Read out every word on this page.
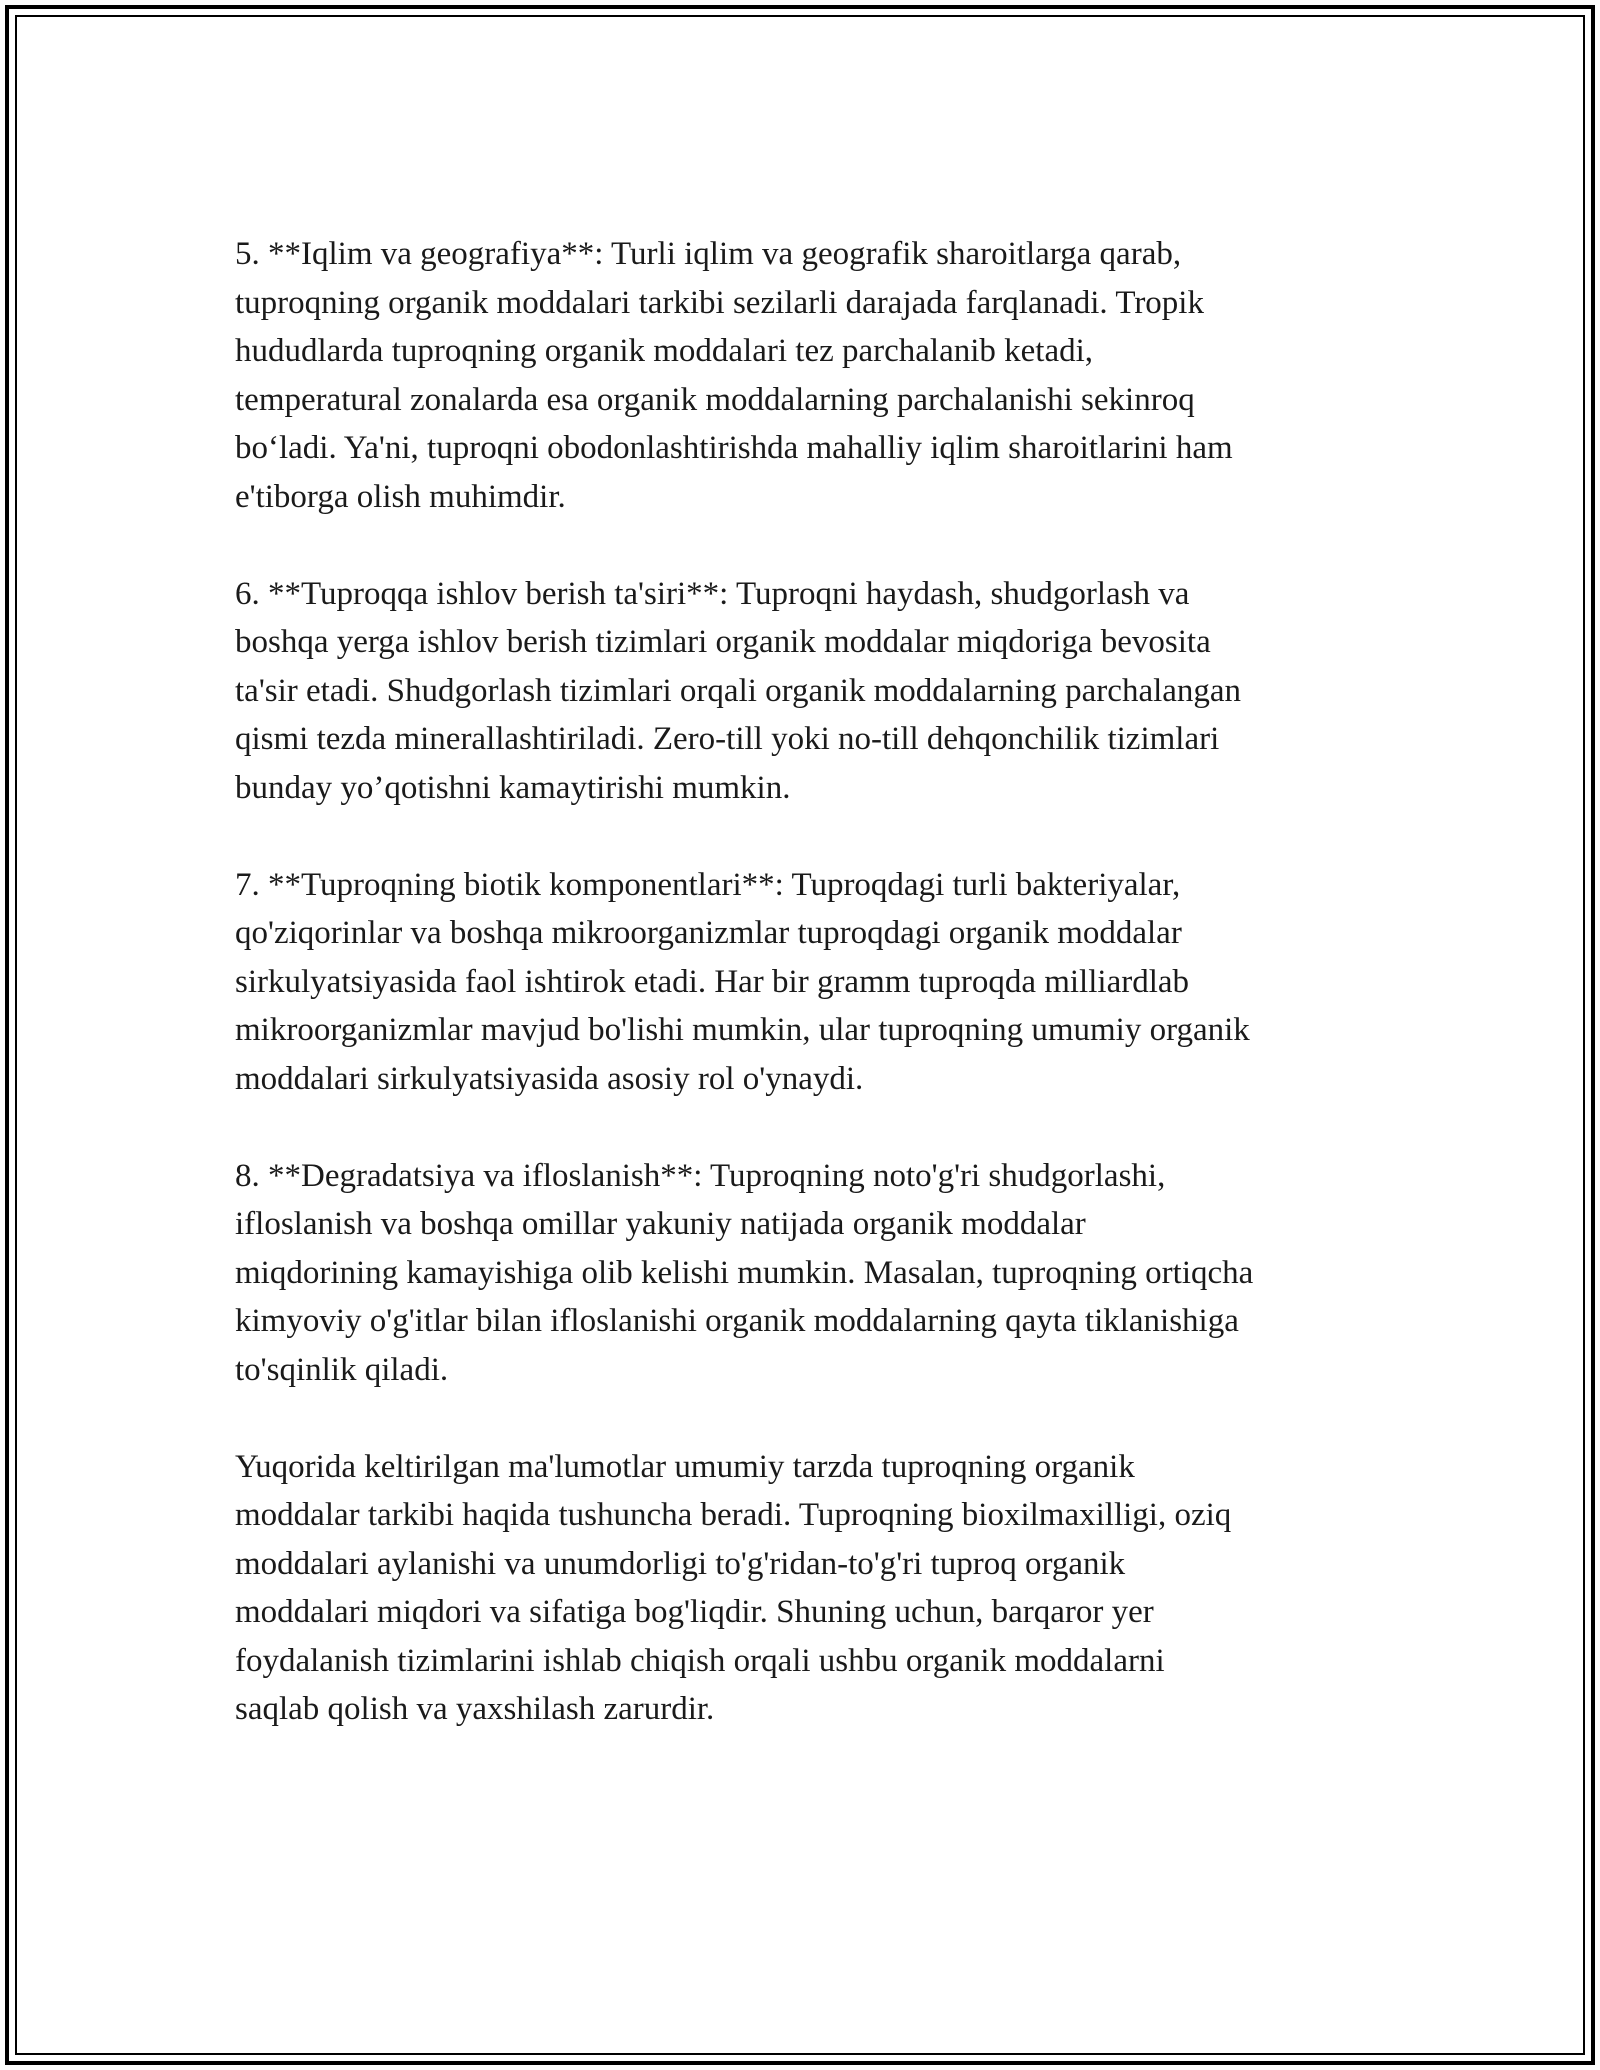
5. **Iqlim va geografiya**: Turli iqlim va geografik sharoitlarga qarab,
tuproqning organik moddalari tarkibi sezilarli darajada farqlanadi. Tropik
hududlarda tuproqning organik moddalari tez parchalanib ketadi,
temperatural zonalarda esa organik moddalarning parchalanishi sekinroq
bo‘ladi. Ya'ni, tuproqni obodonlashtirishda mahalliy iqlim sharoitlarini ham
e'tiborga olish muhimdir.

6. **Tuproqqa ishlov berish ta'siri**: Tuproqni haydash, shudgorlash va
boshqa yerga ishlov berish tizimlari organik moddalar miqdoriga bevosita
ta'sir etadi. Shudgorlash tizimlari orqali organik moddalarning parchalangan
qismi tezda minerallashtiriladi. Zero-till yoki no-till dehqonchilik tizimlari
bunday yo’qotishni kamaytirishi mumkin.

7. **Tuproqning biotik komponentlari**: Tuproqdagi turli bakteriyalar,
qo'ziqorinlar va boshqa mikroorganizmlar tuproqdagi organik moddalar
sirkulyatsiyasida faol ishtirok etadi. Har bir gramm tuproqda milliardlab
mikroorganizmlar mavjud bo'lishi mumkin, ular tuproqning umumiy organik
moddalari sirkulyatsiyasida asosiy rol o'ynaydi.

8. **Degradatsiya va ifloslanish**: Tuproqning noto'g'ri shudgorlashi,
ifloslanish va boshqa omillar yakuniy natijada organik moddalar
miqdorining kamayishiga olib kelishi mumkin. Masalan, tuproqning ortiqcha
kimyoviy o'g'itlar bilan ifloslanishi organik moddalarning qayta tiklanishiga
to'sqinlik qiladi.

Yuqorida keltirilgan ma'lumotlar umumiy tarzda tuproqning organik
moddalar tarkibi haqida tushuncha beradi. Tuproqning bioxilmaxilligi, oziq
moddalari aylanishi va unumdorligi to'g'ridan-to'g'ri tuproq organik
moddalari miqdori va sifatiga bog'liqdir. Shuning uchun, barqaror yer
foydalanish tizimlarini ishlab chiqish orqali ushbu organik moddalarni
saqlab qolish va yaxshilash zarurdir.
